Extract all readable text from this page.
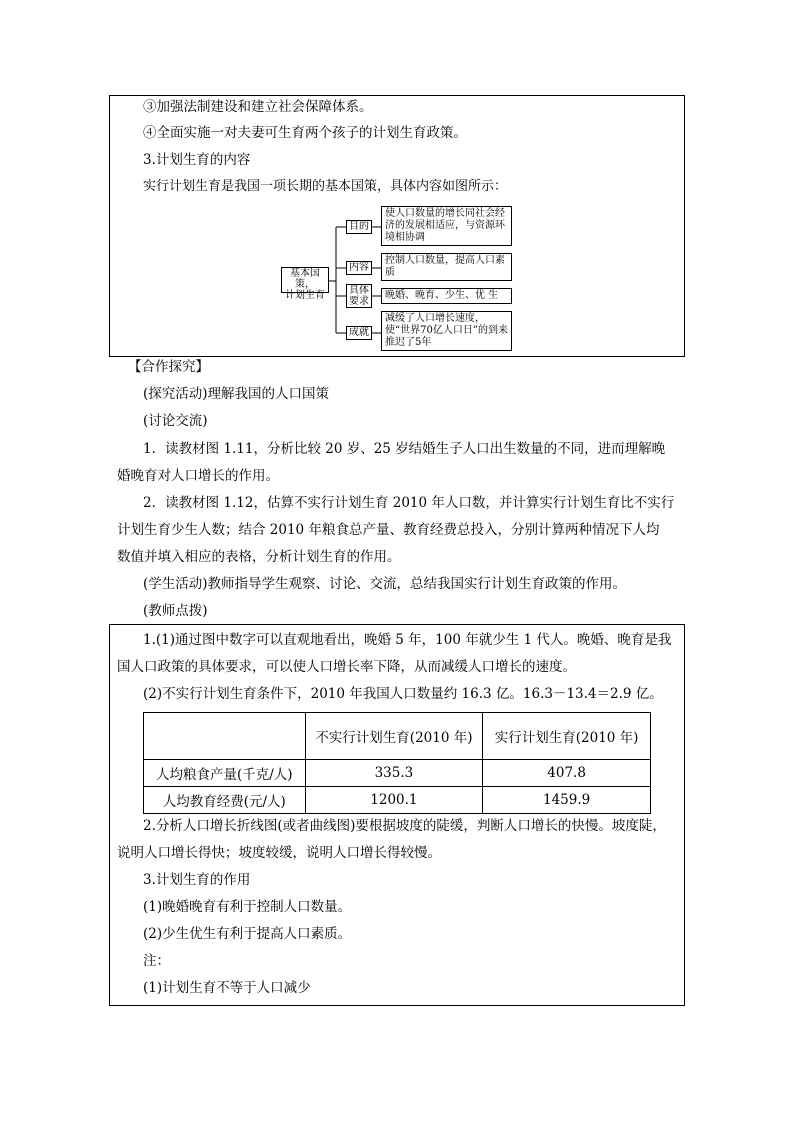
③加强法制建设和建立社会保障体系。
④全面实施一对夫妻可生育两个孩子的计划生育政策。
3.计划生育的内容
实行计划生育是我国一项长期的基本国策，具体内容如图所示：
基本国策，
计划生育
目的
内容
具体
要求
成就
使人口数量的增长同社会经济的发展相适应，与资源环境相协调
控制人口数量，提高人口素质
晚婚、晚育、少生、优 生
减缓了人口增长速度，使“世界70亿人口日”的到来推迟了5年
【合作探究】
(探究活动)理解我国的人口国策
(讨论交流)
1．读教材图 1.11，分析比较 20 岁、25 岁结婚生子人口出生数量的不同，进而理解晚
婚晚育对人口增长的作用。
2．读教材图 1.12，估算不实行计划生育 2010 年人口数，并计算实行计划生育比不实行
计划生育少生人数；结合 2010 年粮食总产量、教育经费总投入，分别计算两种情况下人均
数值并填入相应的表格，分析计划生育的作用。
(学生活动)教师指导学生观察、讨论、交流，总结我国实行计划生育政策的作用。
(教师点拨)
1.(1)通过图中数字可以直观地看出，晚婚 5 年，100 年就少生 1 代人。晚婚、晚育是我
国人口政策的具体要求，可以使人口增长率下降，从而减缓人口增长的速度。
(2)不实行计划生育条件下，2010 年我国人口数量约 16.3 亿。16.3－13.4＝2.9 亿。
	不实行计划生育(2010 年)	实行计划生育(2010 年)
人均粮食产量(千克/人)	335.3	407.8
人均教育经费(元/人)	1200.1	1459.9
2.分析人口增长折线图(或者曲线图)要根据坡度的陡缓，判断人口增长的快慢。坡度陡，
说明人口增长得快；坡度较缓，说明人口增长得较慢。
3.计划生育的作用
(1)晚婚晚育有利于控制人口数量。
(2)少生优生有利于提高人口素质。
注：
(1)计划生育不等于人口减少
